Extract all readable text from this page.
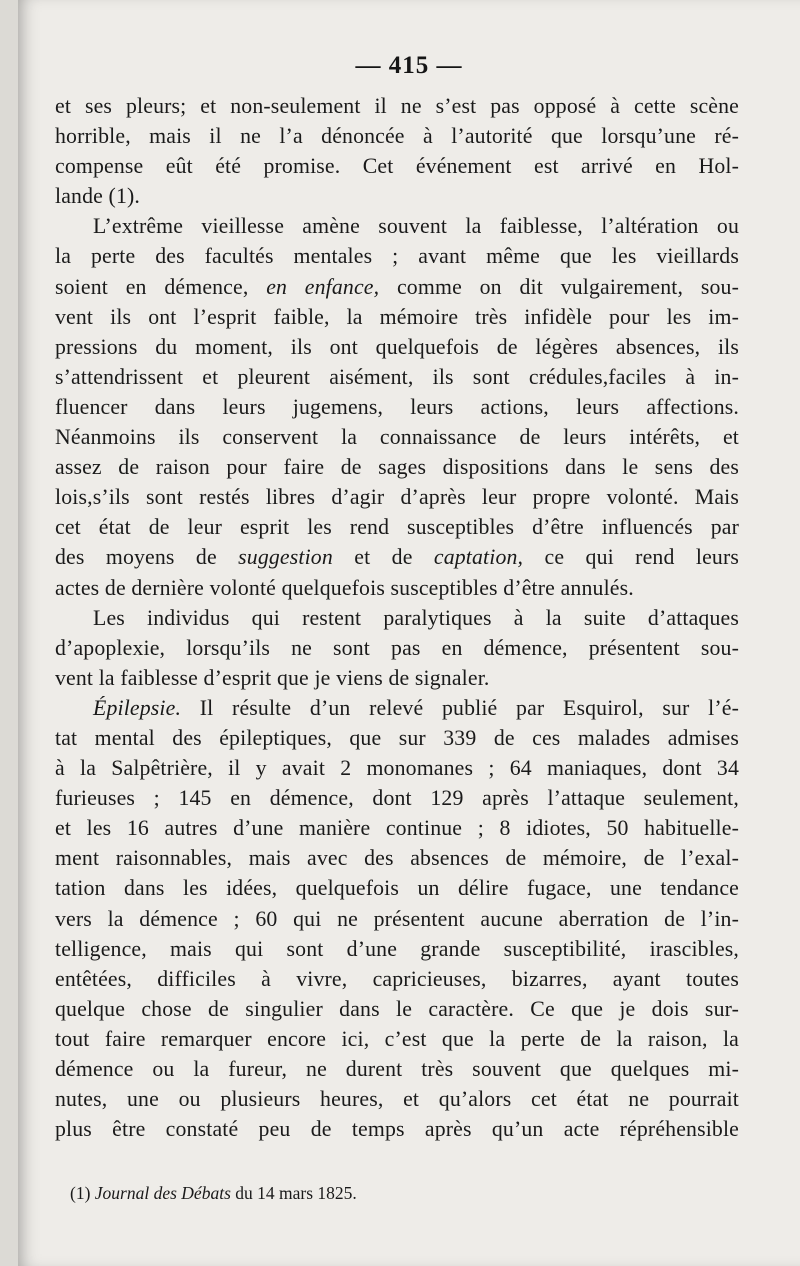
— 415 —
et ses pleurs; et non-seulement il ne s’est pas opposé à cette scène
horrible, mais il ne l’a dénoncée à l’autorité que lorsqu’une ré-
compense eût été promise. Cet événement est arrivé en Hol-
lande (1).
L’extrême vieillesse amène souvent la faiblesse, l’altération ou
la perte des facultés mentales ; avant même que les vieillards
soient en démence, en enfance, comme on dit vulgairement, sou-
vent ils ont l’esprit faible, la mémoire très infidèle pour les im-
pressions du moment, ils ont quelquefois de légères absences, ils
s’attendrissent et pleurent aisément, ils sont crédules,faciles à in-
fluencer dans leurs jugemens, leurs actions, leurs affections.
Néanmoins ils conservent la connaissance de leurs intérêts, et
assez de raison pour faire de sages dispositions dans le sens des
lois,s’ils sont restés libres d’agir d’après leur propre volonté. Mais
cet état de leur esprit les rend susceptibles d’être influencés par
des moyens de suggestion et de captation, ce qui rend leurs
actes de dernière volonté quelquefois susceptibles d’être annulés.
Les individus qui restent paralytiques à la suite d’attaques
d’apoplexie, lorsqu’ils ne sont pas en démence, présentent sou-
vent la faiblesse d’esprit que je viens de signaler.
Épilepsie. Il résulte d’un relevé publié par Esquirol, sur l’é-
tat mental des épileptiques, que sur 339 de ces malades admises
à la Salpêtrière, il y avait 2 monomanes ; 64 maniaques, dont 34
furieuses ; 145 en démence, dont 129 après l’attaque seulement,
et les 16 autres d’une manière continue ; 8 idiotes, 50 habituelle-
ment raisonnables, mais avec des absences de mémoire, de l’exal-
tation dans les idées, quelquefois un délire fugace, une tendance
vers la démence ; 60 qui ne présentent aucune aberration de l’in-
telligence, mais qui sont d’une grande susceptibilité, irascibles,
entêtées, difficiles à vivre, capricieuses, bizarres, ayant toutes
quelque chose de singulier dans le caractère. Ce que je dois sur-
tout faire remarquer encore ici, c’est que la perte de la raison, la
démence ou la fureur, ne durent très souvent que quelques mi-
nutes, une ou plusieurs heures, et qu’alors cet état ne pourrait
plus être constaté peu de temps après qu’un acte répréhensible
(1) Journal des Débats du 14 mars 1825.
